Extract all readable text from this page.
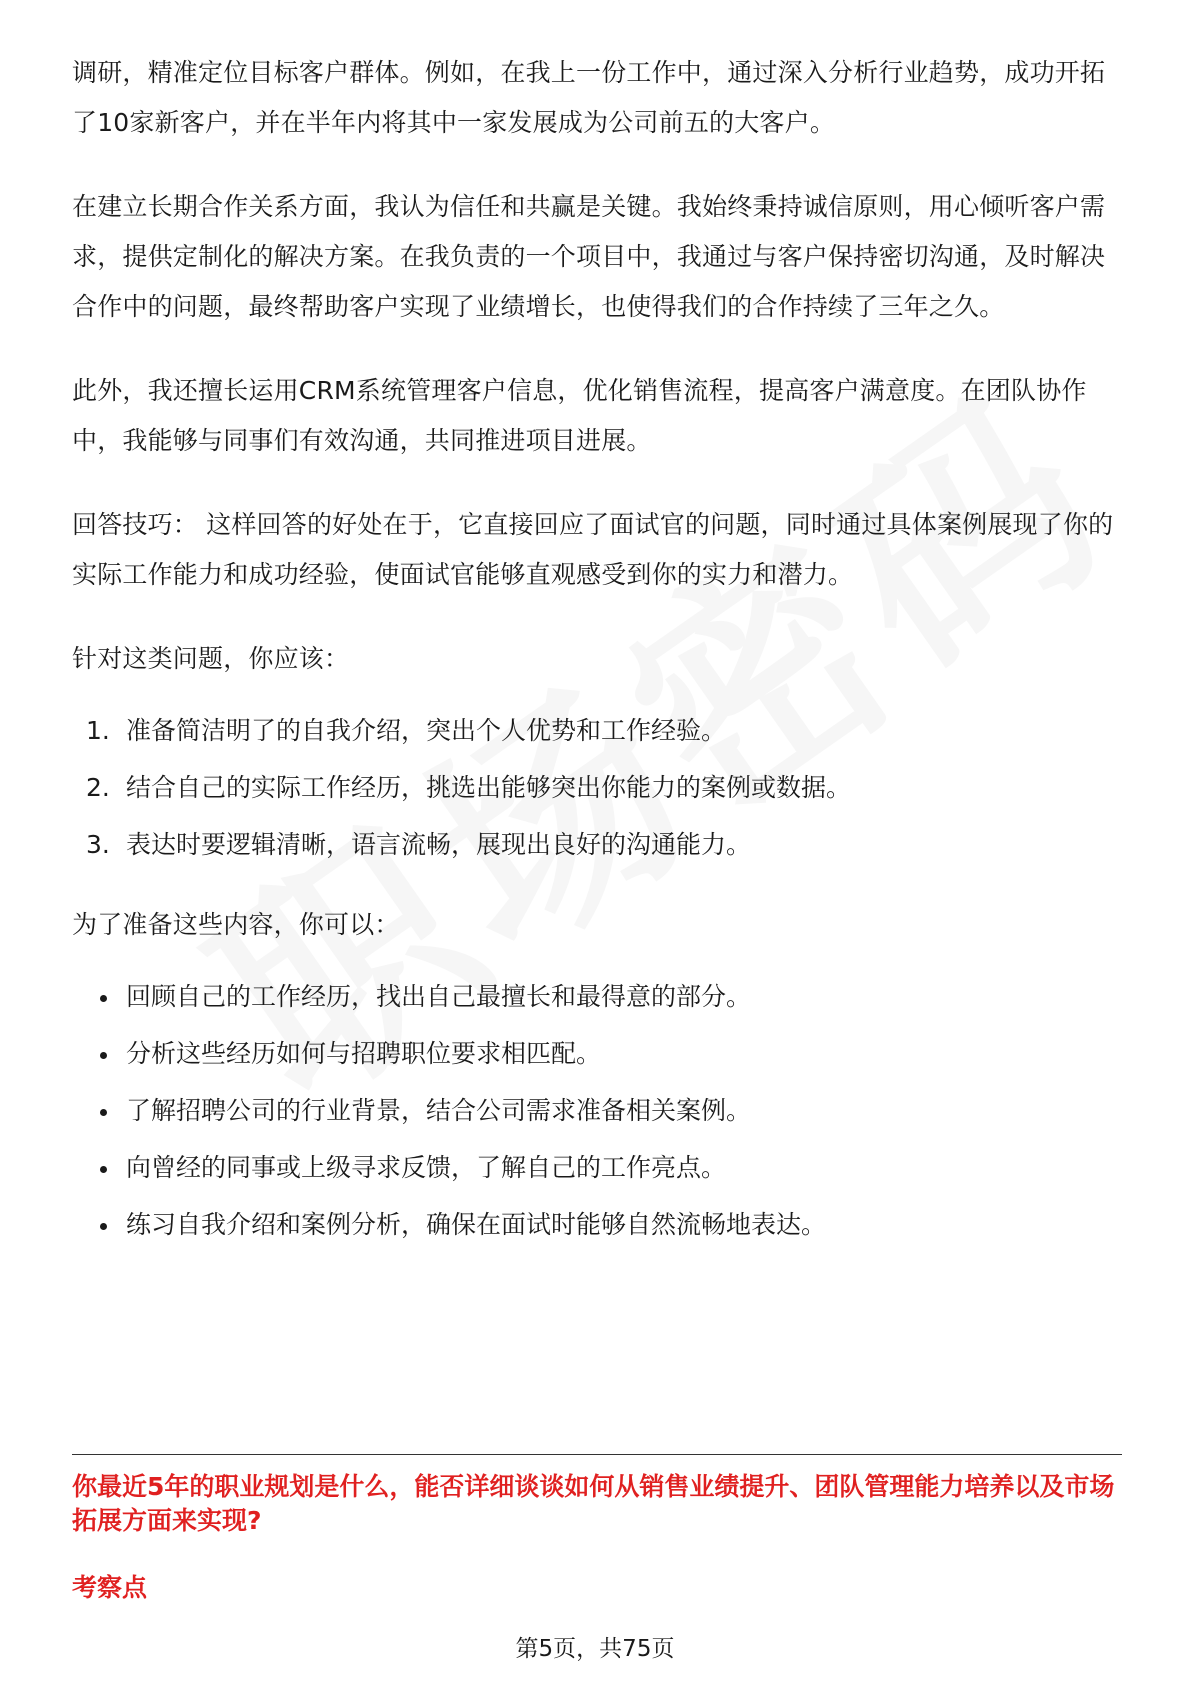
调研，精准定位目标客户群体。例如，在我上一份工作中，通过深入分析行业趋势，成功开拓了10家新客户，并在半年内将其中一家发展成为公司前五的大客户。

在建立长期合作关系方面，我认为信任和共赢是关键。我始终秉持诚信原则，用心倾听客户需求，提供定制化的解决方案。在我负责的一个项目中，我通过与客户保持密切沟通，及时解决合作中的问题，最终帮助客户实现了业绩增长，也使得我们的合作持续了三年之久。

此外，我还擅长运用CRM系统管理客户信息，优化销售流程，提高客户满意度。在团队协作中，我能够与同事们有效沟通，共同推进项目进展。

回答技巧： 这样回答的好处在于，它直接回应了面试官的问题，同时通过具体案例展现了你的实际工作能力和成功经验，使面试官能够直观感受到你的实力和潜力。

针对这类问题，你应该：

1. 准备简洁明了的自我介绍，突出个人优势和工作经验。
2. 结合自己的实际工作经历，挑选出能够突出你能力的案例或数据。
3. 表达时要逻辑清晰，语言流畅，展现出良好的沟通能力。

为了准备这些内容，你可以：

回顾自己的工作经历，找出自己最擅长和最得意的部分。
分析这些经历如何与招聘职位要求相匹配。
了解招聘公司的行业背景，结合公司需求准备相关案例。
向曾经的同事或上级寻求反馈，了解自己的工作亮点。
练习自我介绍和案例分析，确保在面试时能够自然流畅地表达。
你最近5年的职业规划是什么，能否详细谈谈如何从销售业绩提升、团队管理能力培养以及市场拓展方面来实现?
考察点
第5页，共75页
